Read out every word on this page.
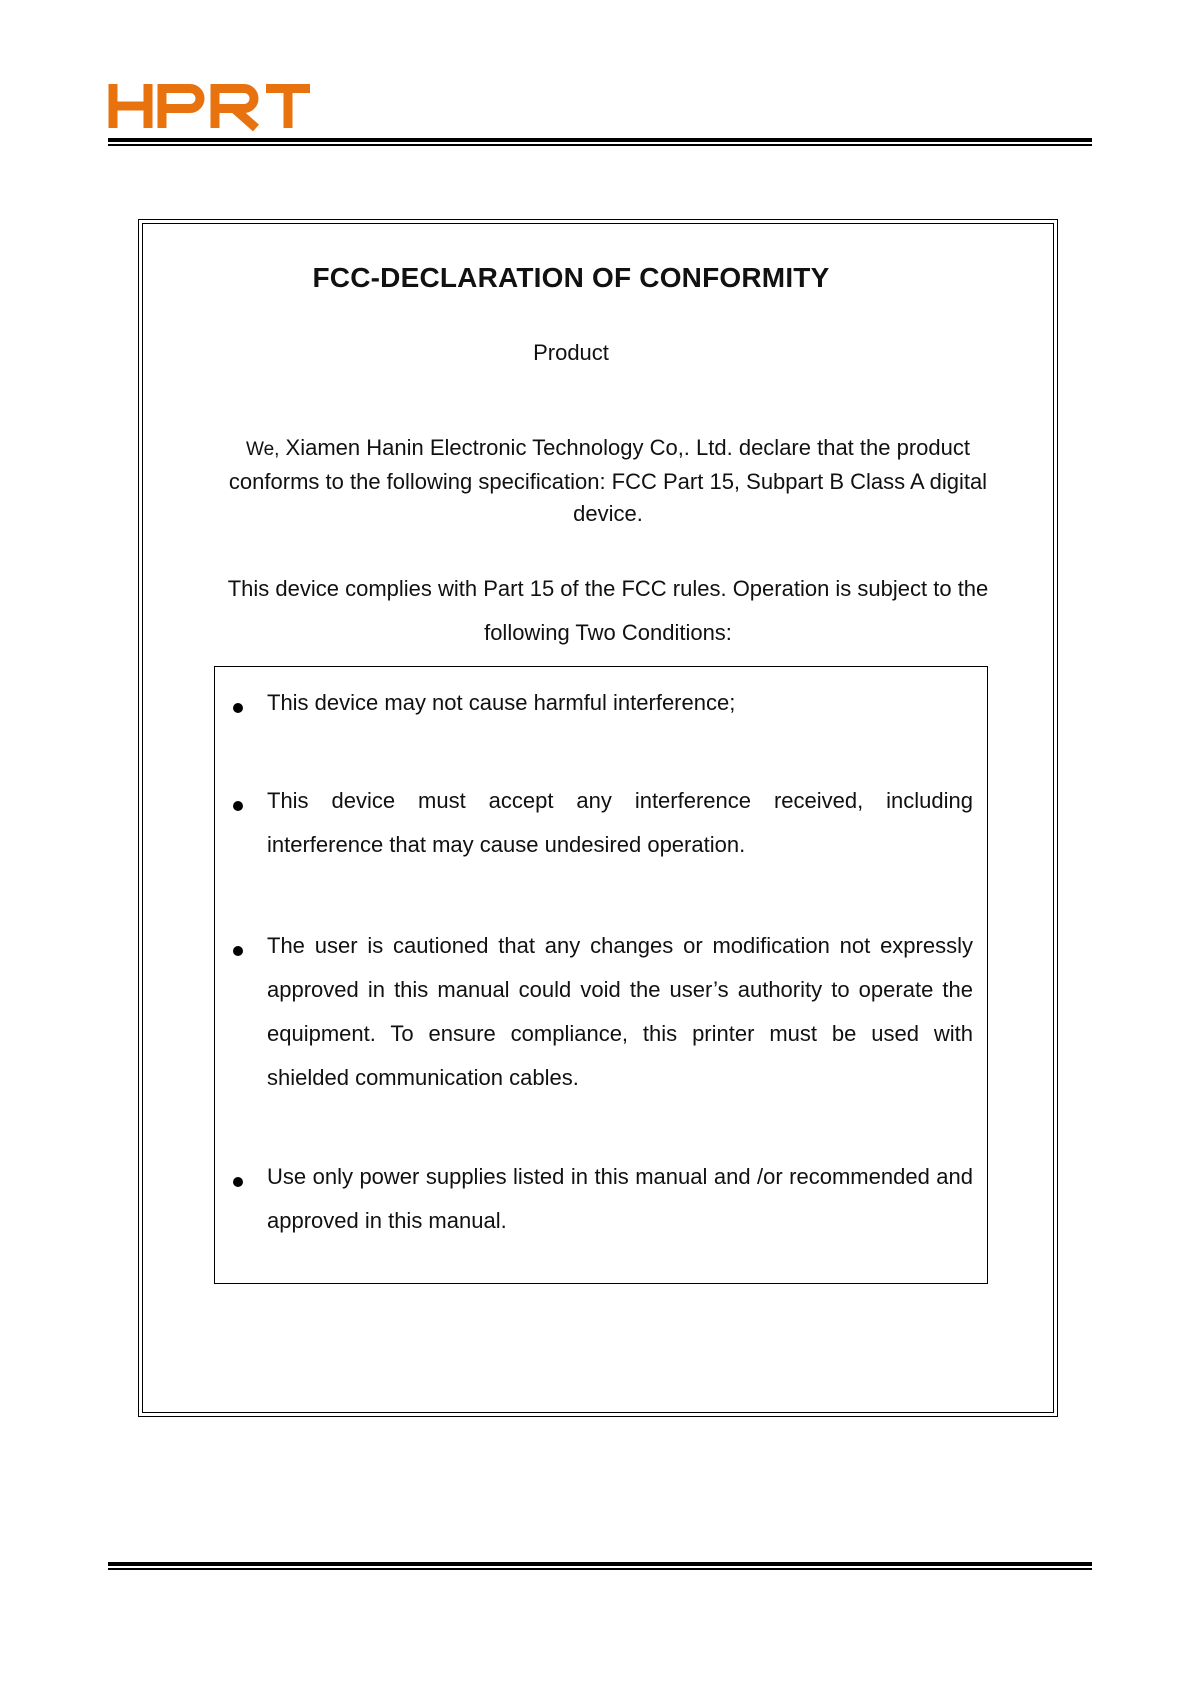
FCC-DECLARATION OF CONFORMITY
Product
We, Xiamen Hanin Electronic Technology Co,. Ltd. declare that the product conforms to the following specification: FCC Part 15, Subpart B Class A digital device.
This device complies with Part 15 of the FCC rules. Operation is subject to the following Two Conditions:
This device may not cause harmful interference;
This device must accept any interference received, including interference that may cause undesired operation.
The user is cautioned that any changes or modification not expressly approved in this manual could void the user’s authority to operate the equipment. To ensure compliance, this printer must be used with shielded communication cables.
Use only power supplies listed in this manual and /or recommended and approved in this manual.
